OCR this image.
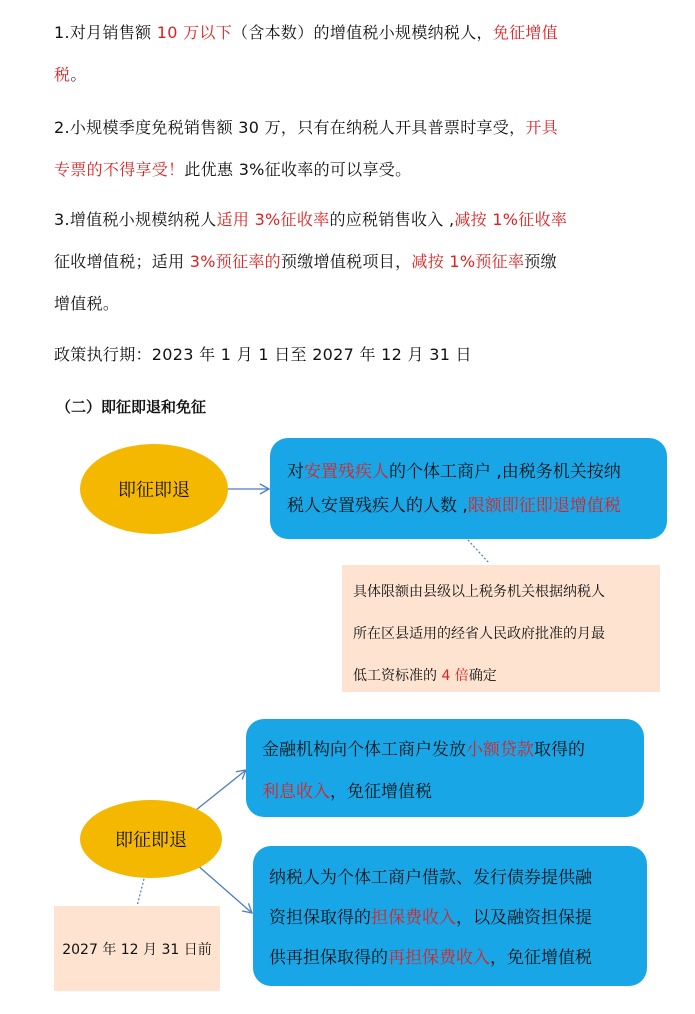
1.对月销售额 10 万以下（含本数）的增值税小规模纳税人，免征增值
税。
2.小规模季度免税销售额 30 万，只有在纳税人开具普票时享受，开具
专票的不得享受！此优惠 3%征收率的可以享受。
3.增值税小规模纳税人适用 3%征收率的应税销售收入 ,减按 1%征收率
征收增值税；适用 3%预征率的预缴增值税项目，减按 1%预征率预缴
增值税。
政策执行期：2023 年 1 月 1 日至 2027 年 12 月 31 日
（二）即征即退和免征
即征即退
对安置残疾人的个体工商户 ,由税务机关按纳
税人安置残疾人的人数 ,限额即征即退增值税
具体限额由县级以上税务机关根据纳税人
所在区县适用的经省人民政府批准的月最
低工资标准的 4 倍确定
金融机构向个体工商户发放小额贷款取得的
利息收入，免征增值税
即征即退
纳税人为个体工商户借款、发行债券提供融
资担保取得的担保费收入，以及融资担保提
供再担保取得的再担保费收入，免征增值税
2027 年 12 月 31 日前
